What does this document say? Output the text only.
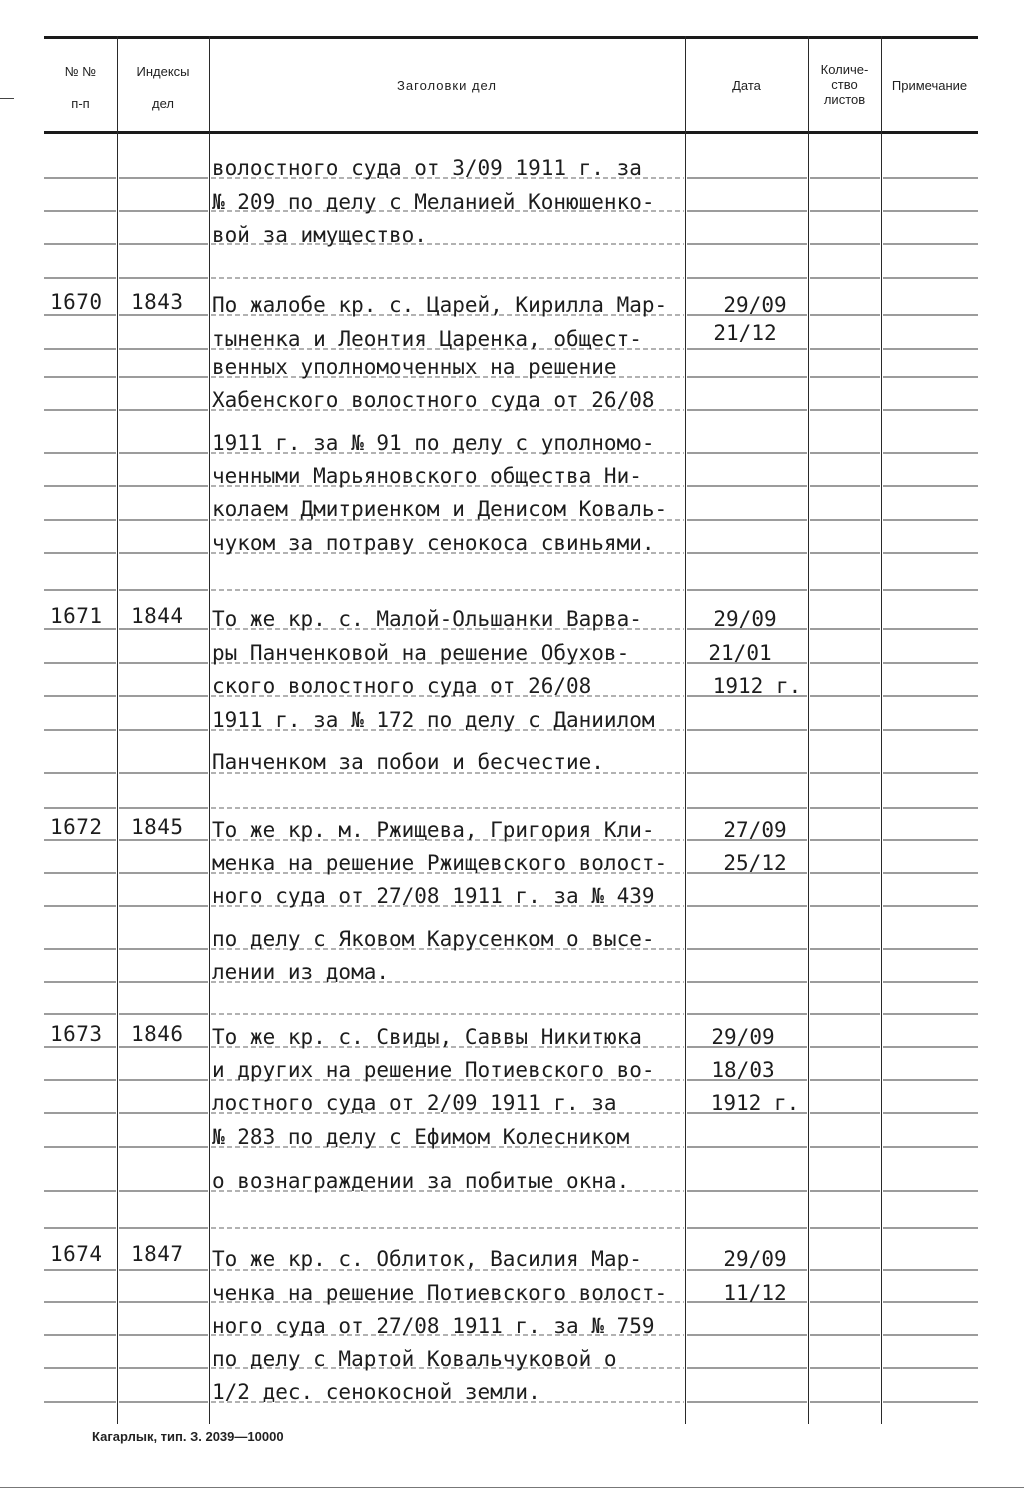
№ №
п-п
Индексы
дел
Заголовки дел	Дата
Количе-
ство
листов
Примечание
волостного суда от 3/09 1911 г. за
№ 209 по делу с Меланией Конюшенко-
вой за имущество.
1670 1843 По жалобе кр. с. Царей, Кирилла Мар-
тыненка и Леонтия Царенка, общест-
венных уполномоченных на решение
Хабенского волостного суда от 26/08
1911 г. за № 91 по делу с уполномо-
ченными Марьяновского общества Ни-
колаем Дмитриенком и Денисом Коваль-
чуком за потраву сенокоса свиньями.
29/09
21/12
1671 1844 То же кр. с. Малой-Ольшанки Варва-
ры Панченковой на решение Обухов-
ского волостного суда от 26/08
1911 г. за № 172 по делу с Даниилом
Панченком за побои и бесчестие.
29/09
21/01
1912 г.
1672 1845 То же кр. м. Ржищева, Григория Кли-
менка на решение Ржищевского волост-
ного суда от 27/08 1911 г. за № 439
по делу с Яковом Карусенком о высе-
лении из дома.
27/09
25/12
1673 1846 То же кр. с. Свиды, Саввы Никитюка
и других на решение Потиевского во-
лостного суда от 2/09 1911 г. за
№ 283 по делу с Ефимом Колесником
о вознаграждении за побитые окна.
29/09
18/03
1912 г.
1674 1847 То же кр. с. Облиток, Василия Мар-
ченка на решение Потиевского волост-
ного суда от 27/08 1911 г. за № 759
по делу с Мартой Ковальчуковой о
1/2 дес. сенокосной земли.
29/09
11/12
Кагарлык, тип. З. 2039—10000
